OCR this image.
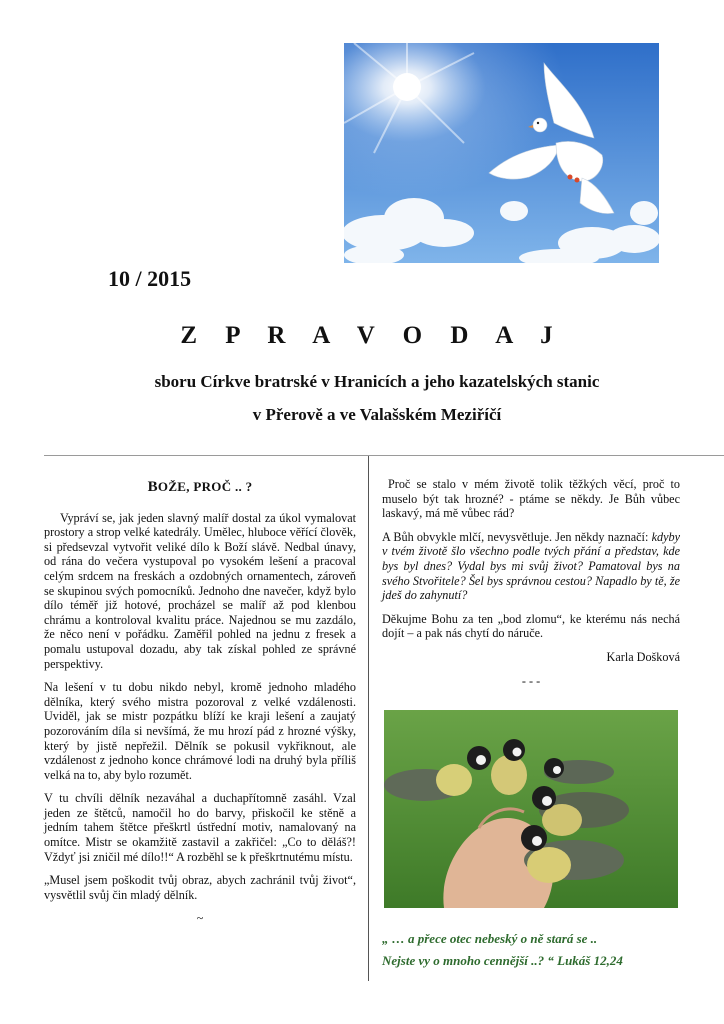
10 / 2015
Z P R A V O D A J
sboru Církve bratrské v Hranicích a jeho kazatelských stanic
v Přerově a ve Valašském Meziříčí

BOŽE, PROČ .. ?

Vypráví se, jak jeden slavný malíř dostal za úkol vymalovat prostory a strop velké katedrály. Umělec, hluboce věřící člověk, si předsevzal vytvořit veliké dílo k Boží slávě. Nedbal únavy, od rána do večera vystupoval po vysokém lešení a pracoval celým srdcem na freskách a ozdobných ornamentech, zároveň se skupinou svých pomocníků. Jednoho dne navečer, když bylo dílo téměř již hotové, procházel se malíř až pod klenbou chrámu a kontroloval kvalitu práce. Najednou se mu zazdálo, že něco není v pořádku. Zaměřil pohled na jednu z fresek a pomalu ustupoval dozadu, aby tak získal pohled ze správné perspektivy.

Na lešení v tu dobu nikdo nebyl, kromě jednoho mladého dělníka, který svého mistra pozoroval z velké vzdálenosti. Uviděl, jak se mistr pozpátku blíží ke kraji lešení a zaujatý pozorováním díla si nevšímá, že mu hrozí pád z hrozné výšky, který by jistě nepřežil. Dělník se pokusil vykřiknout, ale vzdálenost z jednoho konce chrámové lodi na druhý byla příliš velká na to, aby bylo rozumět.

V tu chvíli dělník nezaváhal a duchapřítomně zasáhl. Vzal jeden ze štětců, namočil ho do barvy, přiskočil ke stěně a jedním tahem štětce přeškrtl ústřední motiv, namalovaný na omítce. Mistr se okamžitě zastavil a zakřičel: „Co to děláš?! Vždyť jsi zničil mé dílo!!“ A rozběhl se k přeškrtnutému místu.

„Musel jsem poškodit tvůj obraz, abych zachránil tvůj život“, vysvětlil svůj čin mladý dělník.

~

Proč se stalo v mém životě tolik těžkých věcí, proč to muselo být tak hrozné? - ptáme se někdy. Je Bůh vůbec laskavý, má mě vůbec rád?

A Bůh obvykle mlčí, nevysvětluje. Jen někdy naznačí: kdyby v tvém životě šlo všechno podle tvých přání a představ, kde bys byl dnes? Vydal bys mi svůj život? Pamatoval bys na svého Stvořitele? Šel bys správnou cestou? Napadlo by tě, že jdeš do zahynutí?

Děkujme Bohu za ten „bod zlomu“, ke kterému nás nechá dojít – a pak nás chytí do náruče.

Karla Došková

- - -

„ … a přece otec nebeský o ně stará se ..
Nejste vy o mnoho cennější ..? “ Lukáš 12,24
